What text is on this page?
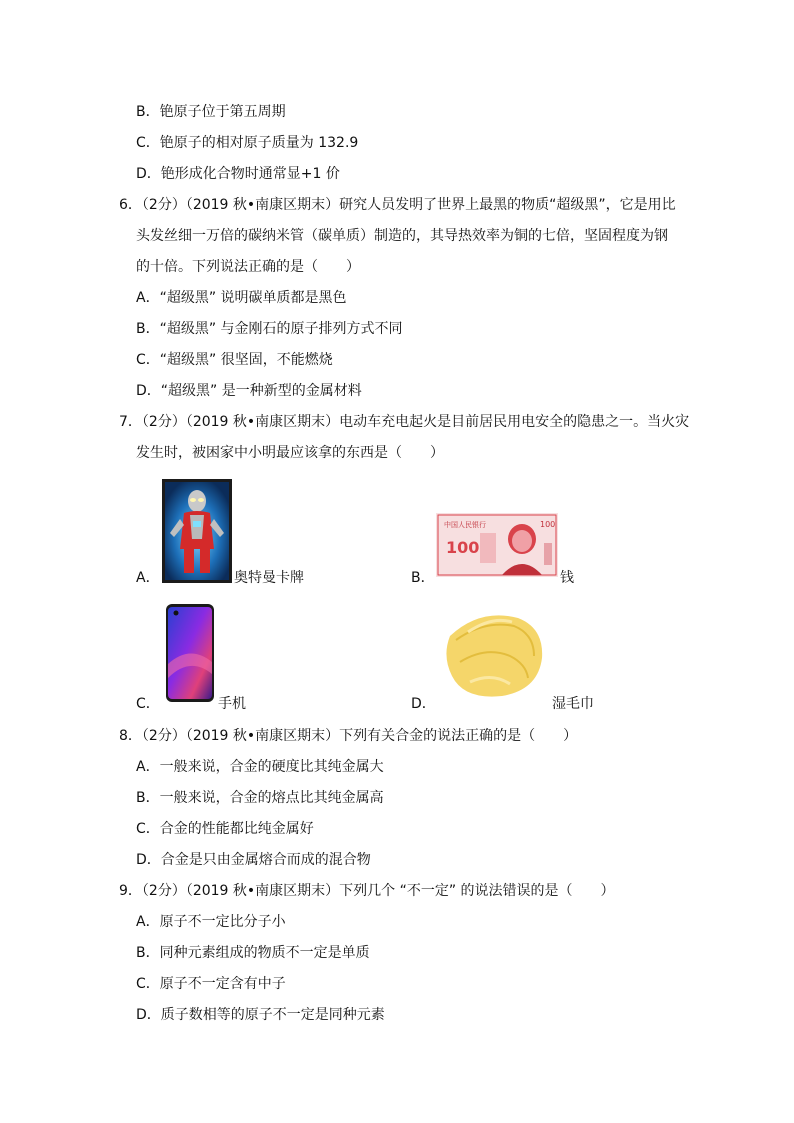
B．铯原子位于第五周期
C．铯原子的相对原子质量为 132.9
D．铯形成化合物时通常显+1 价
6．（2分）（2019 秋•南康区期末）研究人员发明了世界上最黑的物质“超级黑”，它是用比
头发丝细一万倍的碳纳米管（碳单质）制造的，其导热效率为铜的七倍，坚固程度为钢
的十倍。下列说法正确的是（　　）
A．“超级黑” 说明碳单质都是黑色
B．“超级黑” 与金刚石的原子排列方式不同
C．“超级黑” 很坚固，不能燃烧
D．“超级黑” 是一种新型的金属材料
7．（2分）（2019 秋•南康区期末）电动车充电起火是目前居民用电安全的隐患之一。当火灾
发生时，被困家中小明最应该拿的东西是（　　）
A．	奥特曼卡牌	B．
中国人民银行
100
100
钱
C．	手机	D．	湿毛巾
8．（2分）（2019 秋•南康区期末）下列有关合金的说法正确的是（　　）
A．一般来说，合金的硬度比其纯金属大
B．一般来说，合金的熔点比其纯金属高
C．合金的性能都比纯金属好
D．合金是只由金属熔合而成的混合物
9．（2分）（2019 秋•南康区期末）下列几个 “不一定” 的说法错误的是（　　）
A．原子不一定比分子小
B．同种元素组成的物质不一定是单质
C．原子不一定含有中子
D．质子数相等的原子不一定是同种元素
